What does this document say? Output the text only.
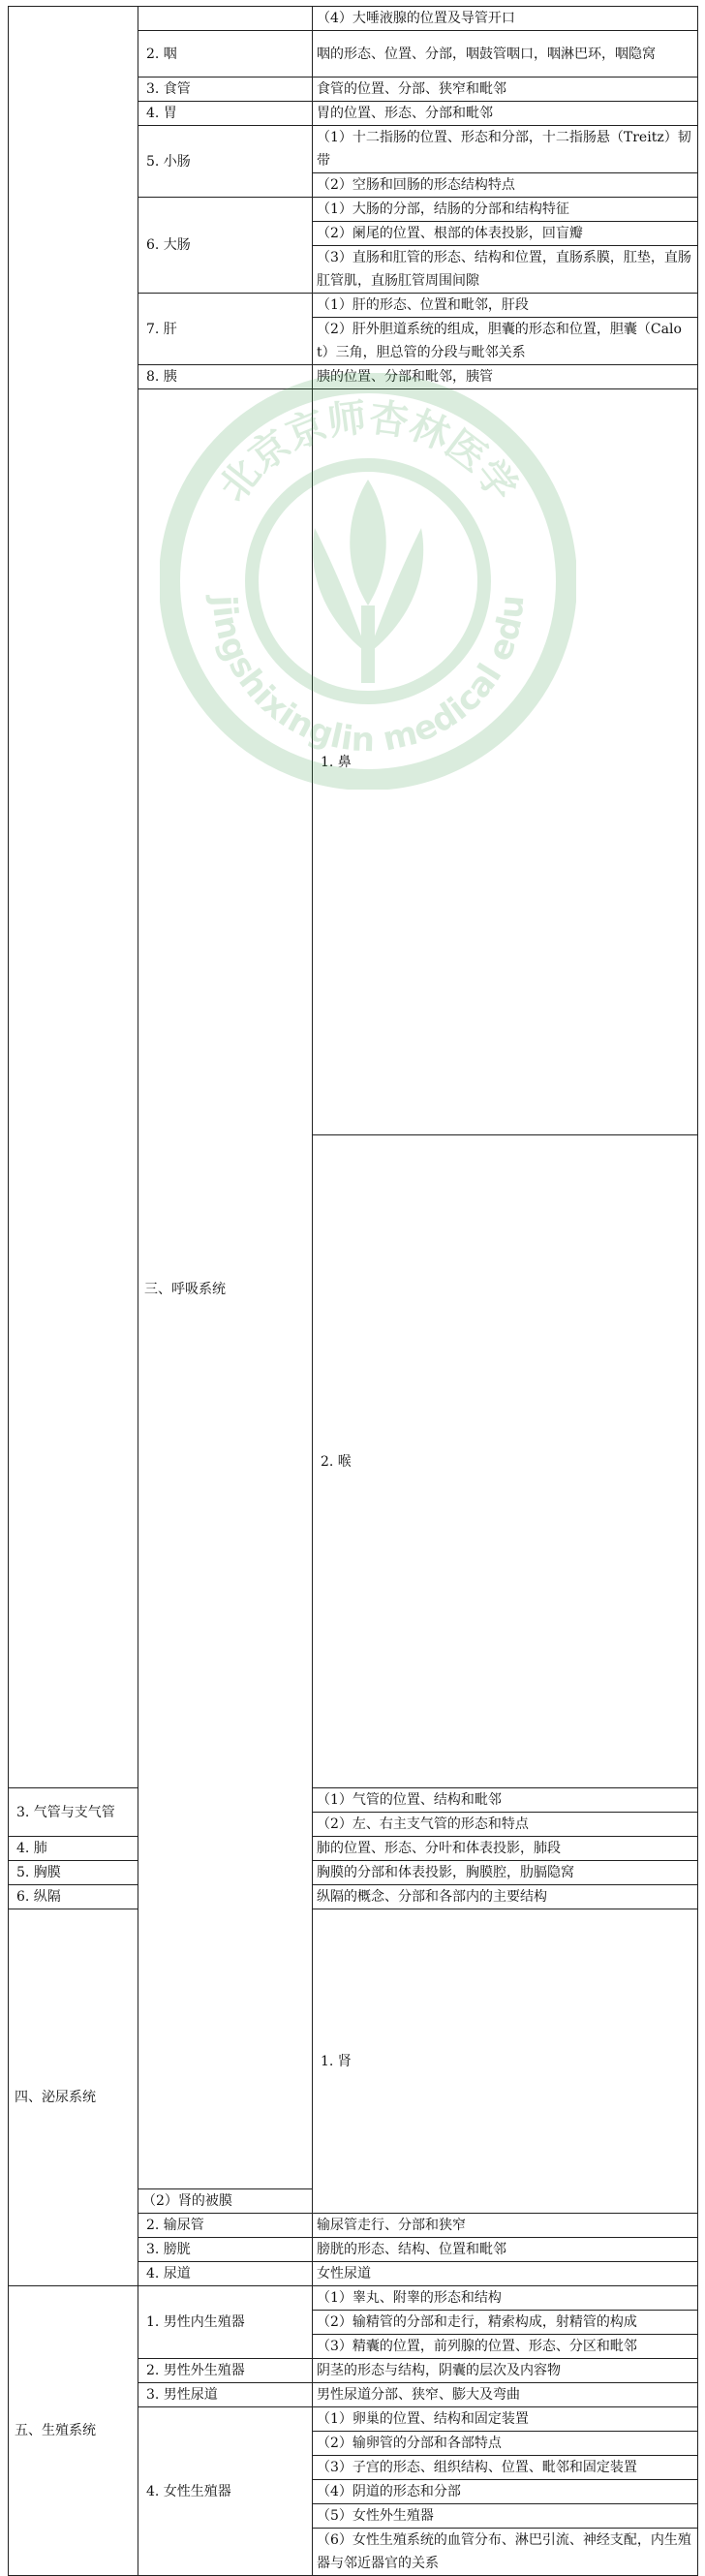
		（4）大唾液腺的位置及导管开口	
	2. 咽	咽的形态、位置、分部，咽鼓管咽口，咽淋巴环，咽隐窝	
	3. 食管	食管的位置、分部、狭窄和毗邻	
	4. 胃	胃的位置、形态、分部和毗邻	
	5. 小肠	（1）十二指肠的位置、形态和分部，十二指肠悬（Treitz）韧带	
		（2）空肠和回肠的形态结构特点	
	6. 大肠	（1）大肠的分部，结肠的分部和结构特征	
		（2）阑尾的位置、根部的体表投影，回盲瓣	
		（3）直肠和肛管的形态、结构和位置，直肠系膜，肛垫，直肠肛管肌，直肠肛管周围间隙	
	7. 肝	（1）肝的形态、位置和毗邻，肝段	
		（2）肝外胆道系统的组成，胆囊的形态和位置，胆囊（Calot）三角，胆总管的分段与毗邻关系	
	8. 胰	胰的位置、分部和毗邻，胰管	
	三、呼吸系统	1. 鼻	

		2. 喉	

3. 气管与支气管		（1）气管的位置、结构和毗邻	
		（2）左、右主支气管的形态和特点	
4. 肺		肺的位置、形态、分叶和体表投影，肺段	
5. 胸膜		胸膜的分部和体表投影，胸膜腔，肋膈隐窝	
6. 纵隔		纵隔的概念、分部和各部内的主要结构	
四、泌尿系统		1. 肾	
	（2）肾的被膜		
	2. 输尿管	输尿管走行、分部和狭窄	
	3. 膀胱	膀胱的形态、结构、位置和毗邻	
	4. 尿道	女性尿道	
五、生殖系统	1. 男性内生殖器	（1）睾丸、附睾的形态和结构	
		（2）输精管的分部和走行，精索构成，射精管的构成	
		（3）精囊的位置，前列腺的位置、形态、分区和毗邻	
	2. 男性外生殖器	阴茎的形态与结构，阴囊的层次及内容物	
	3. 男性尿道	男性尿道分部、狭窄、膨大及弯曲	
	4. 女性生殖器	（1）卵巢的位置、结构和固定装置	
		（2）输卵管的分部和各部特点	
		（3）子宫的形态、组织结构、位置、毗邻和固定装置	
		（4）阴道的形态和分部	
		（5）女性外生殖器	
		（6）女性生殖系统的血管分布、淋巴引流、神经支配，内生殖器与邻近器官的关系	
北京京师杏林医学
jingshixinglin medical edu
